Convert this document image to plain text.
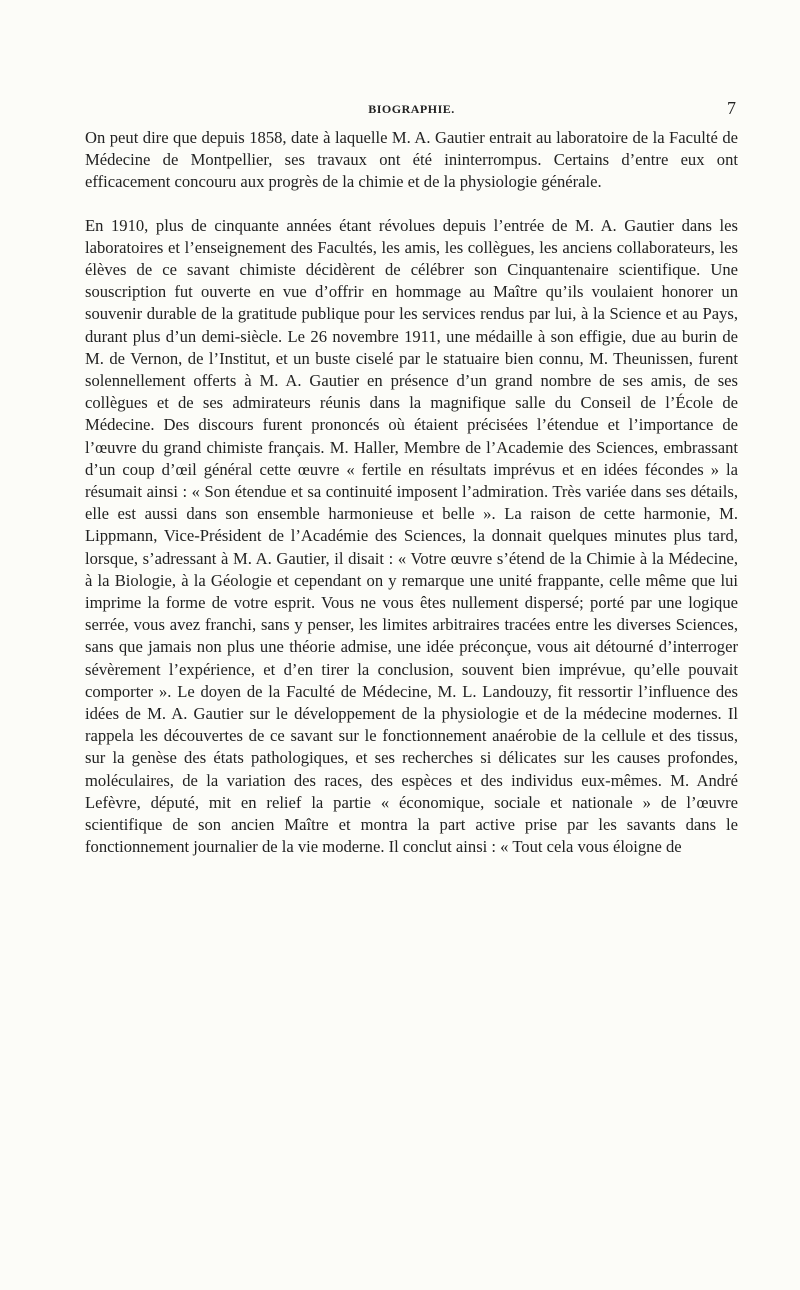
BIOGRAPHIE.	7

On peut dire que depuis 1858, date à laquelle M. A. Gautier entrait au laboratoire de la Faculté de Médecine de Montpellier, ses travaux ont été ininterrompus. Certains d’entre eux ont efficacement concouru aux progrès de la chimie et de la physiologie générale.

En 1910, plus de cinquante années étant révolues depuis l’entrée de M. A. Gautier dans les laboratoires et l’enseignement des Facultés, les amis, les collègues, les anciens collaborateurs, les élèves de ce savant chimiste décidèrent de célébrer son Cinquantenaire scientifique. Une souscription fut ouverte en vue d’offrir en hommage au Maître qu’ils voulaient honorer un souvenir durable de la gratitude publique pour les services rendus par lui, à la Science et au Pays, durant plus d’un demi-siècle. Le 26 novembre 1911, une médaille à son effigie, due au burin de M. de Vernon, de l’Institut, et un buste ciselé par le statuaire bien connu, M. Theunissen, furent solennellement offerts à M. A. Gautier en présence d’un grand nombre de ses amis, de ses collègues et de ses admirateurs réunis dans la magnifique salle du Conseil de l’École de Médecine. Des discours furent prononcés où étaient précisées l’étendue et l’importance de l’œuvre du grand chimiste français. M. Haller, Membre de l’Academie des Sciences, embrassant d’un coup d’œil général cette œuvre « fertile en résultats imprévus et en idées fécondes » la résumait ainsi : « Son étendue et sa continuité imposent l’admiration. Très variée dans ses détails, elle est aussi dans son ensemble harmonieuse et belle ». La raison de cette harmonie, M. Lippmann, Vice-Président de l’Académie des Sciences, la donnait quelques minutes plus tard, lorsque, s’adressant à M. A. Gautier, il disait : « Votre œuvre s’étend de la Chimie à la Médecine, à la Biologie, à la Géologie et cependant on y remarque une unité frappante, celle même que lui imprime la forme de votre esprit. Vous ne vous êtes nullement dispersé; porté par une logique serrée, vous avez franchi, sans y penser, les limites arbitraires tracées entre les diverses Sciences, sans que jamais non plus une théorie admise, une idée préconçue, vous ait détourné d’interroger sévèrement l’expérience, et d’en tirer la conclusion, souvent bien imprévue, qu’elle pouvait comporter ». Le doyen de la Faculté de Médecine, M. L. Landouzy, fit ressortir l’influence des idées de M. A. Gautier sur le développement de la physiologie et de la médecine modernes. Il rappela les découvertes de ce savant sur le fonctionnement anaérobie de la cellule et des tissus, sur la genèse des états pathologiques, et ses recherches si délicates sur les causes profondes, moléculaires, de la variation des races, des espèces et des individus eux-mêmes. M. André Lefèvre, député, mit en relief la partie « économique, sociale et nationale » de l’œuvre scientifique de son ancien Maître et montra la part active prise par les savants dans le fonctionnement journalier de la vie moderne. Il conclut ainsi : « Tout cela vous éloigne de
